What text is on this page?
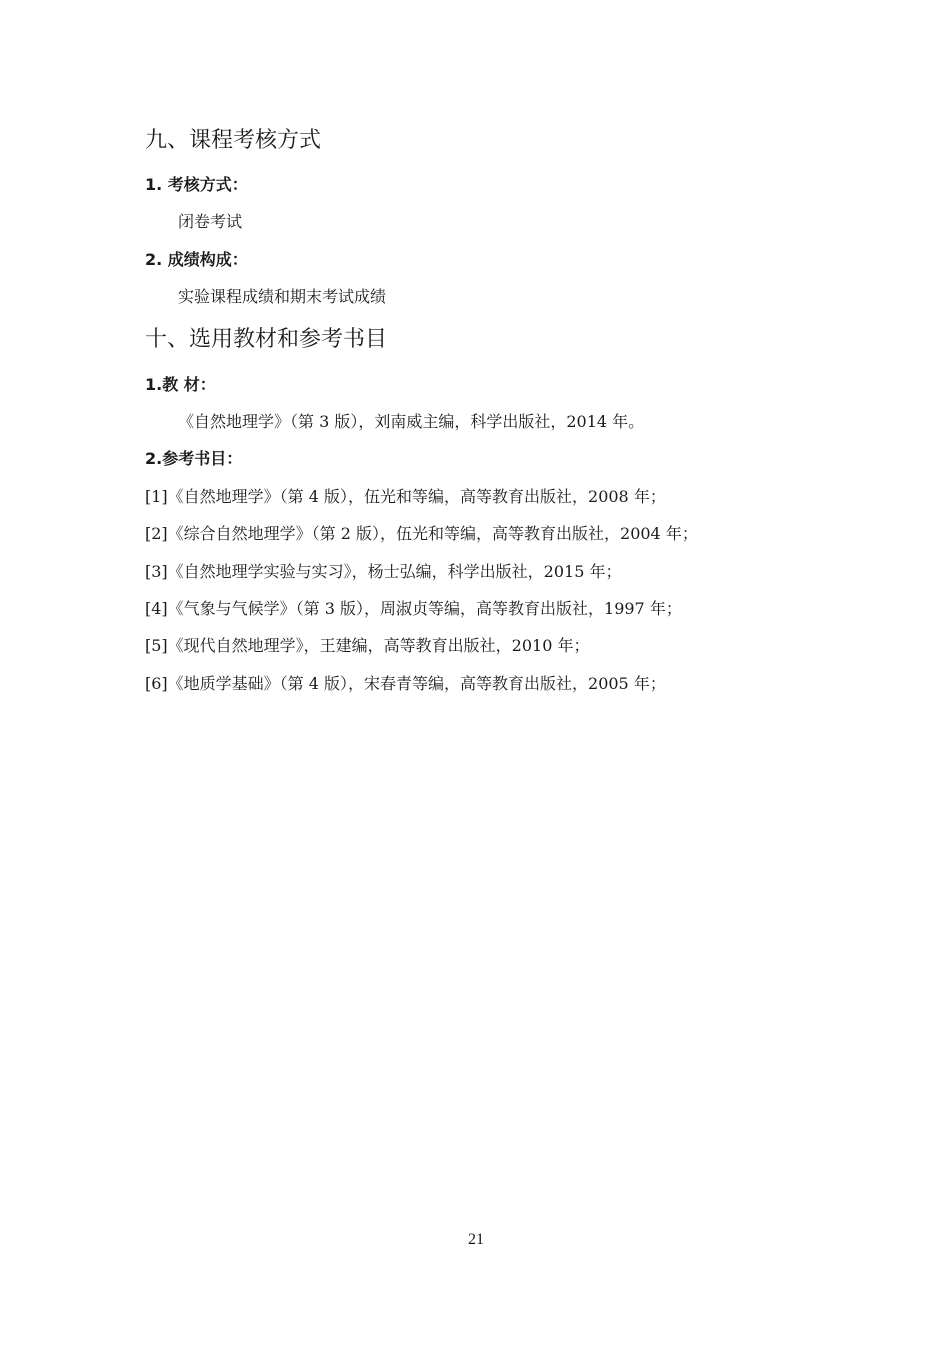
九、课程考核方式
1. 考核方式：
闭卷考试
2. 成绩构成：
实验课程成绩和期末考试成绩
十、选用教材和参考书目
1.教 材：
《自然地理学》（第 3 版），刘南威主编，科学出版社，2014 年。
2.参考书目：
[1]《自然地理学》（第 4 版），伍光和等编，高等教育出版社，2008 年；
[2]《综合自然地理学》（第 2 版），伍光和等编，高等教育出版社，2004 年；
[3]《自然地理学实验与实习》，杨士弘编，科学出版社，2015 年；
[4]《气象与气候学》（第 3 版），周淑贞等编，高等教育出版社，1997 年；
[5]《现代自然地理学》，王建编，高等教育出版社，2010 年；
[6]《地质学基础》（第 4 版），宋春青等编，高等教育出版社，2005 年；
21
